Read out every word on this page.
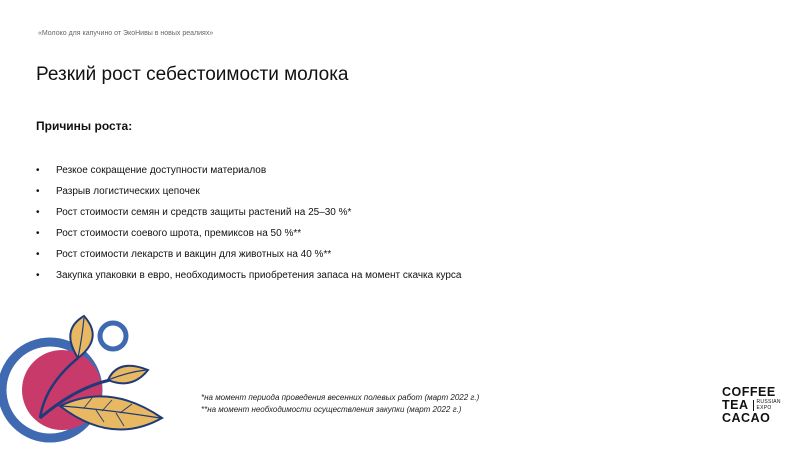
«Молоко для капучино от ЭкоНивы в новых реалиях»
Резкий рост себестоимости молока
Причины роста:
• Резкое сокращение доступности материалов
• Разрыв логистических цепочек
• Рост стоимости семян и средств защиты растений на 25–30 %*
• Рост стоимости соевого шрота, премиксов на 50 %**
• Рост стоимости лекарств и вакцин для животных на 40 %**
• Закупка упаковки в евро, необходимость приобретения запаса на момент скачка курса
*на момент периода проведения весенних полевых работ (март 2022 г.)
**на момент необходимости осуществления закупки (март 2022 г.)
COFFEE
TEA	RUSSIAN
EXPO
CACAO
